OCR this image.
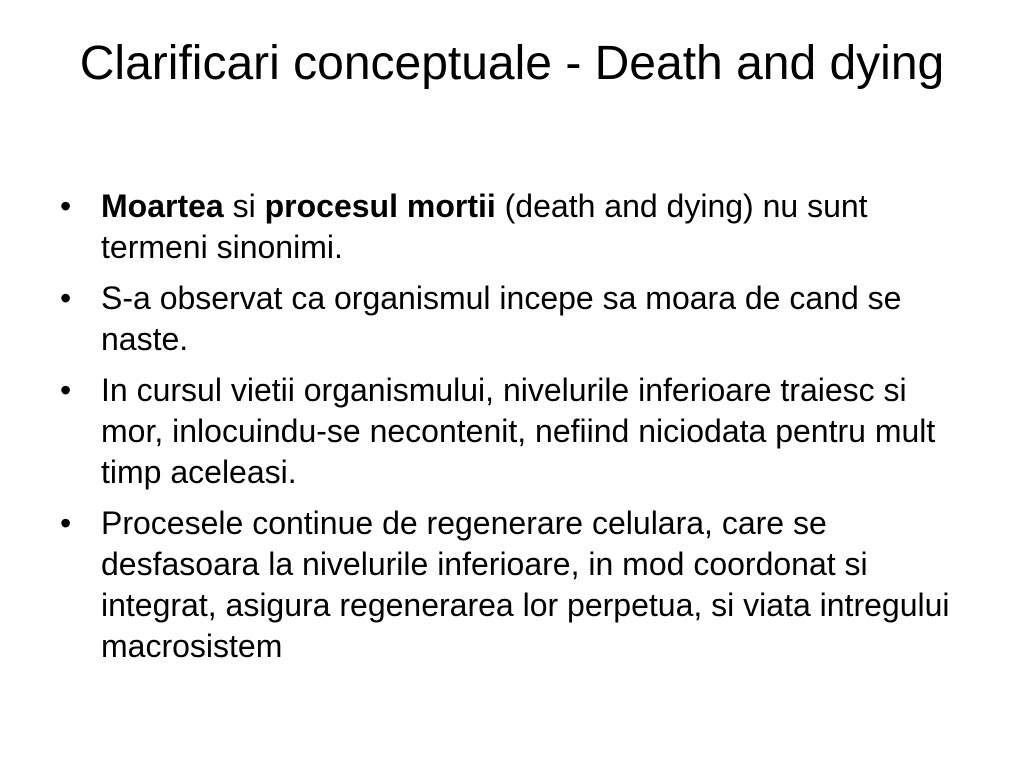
Clarificari conceptuale - Death and dying
• Moartea si procesul mortii (death and dying) nu sunt termeni sinonimi.
• S-a observat ca organismul incepe sa moara de cand se naste.
• In cursul vietii organismului, nivelurile inferioare traiesc si mor, inlocuindu-se necontenit, nefiind niciodata pentru mult timp aceleasi.
• Procesele continue de regenerare celulara, care se desfasoara la nivelurile inferioare, in mod coordonat si integrat, asigura regenerarea lor perpetua, si viata intregului macrosistem
